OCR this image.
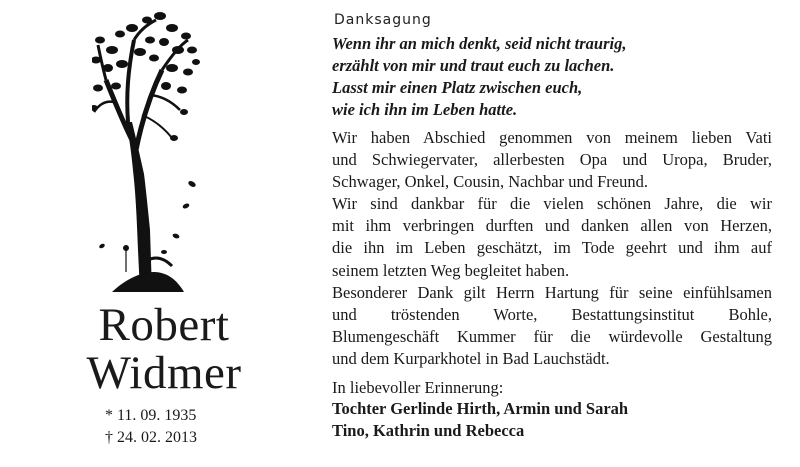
Robert
Widmer
* 11. 09. 1935
† 24. 02. 2013
Danksagung
Wenn ihr an mich denkt, seid nicht traurig,
erzählt von mir und traut euch zu lachen.
Lasst mir einen Platz zwischen euch,
wie ich ihn im Leben hatte.
Wir haben Abschied genommen von meinem lieben Vati
und Schwiegervater, allerbesten Opa und Uropa, Bruder,
Schwager, Onkel, Cousin, Nachbar und Freund.
Wir sind dankbar für die vielen schönen Jahre, die wir
mit ihm verbringen durften und danken allen von Herzen,
die ihn im Leben geschätzt, im Tode geehrt und ihm auf
seinem letzten Weg begleitet haben.
Besonderer Dank gilt Herrn Hartung für seine einfühlsamen
und tröstenden Worte, Bestattungsinstitut Bohle,
Blumengeschäft Kummer für die würdevolle Gestaltung
und dem Kurparkhotel in Bad Lauchstädt.
In liebevoller Erinnerung:
Tochter Gerlinde Hirth, Armin und Sarah
Tino, Kathrin und Rebecca
